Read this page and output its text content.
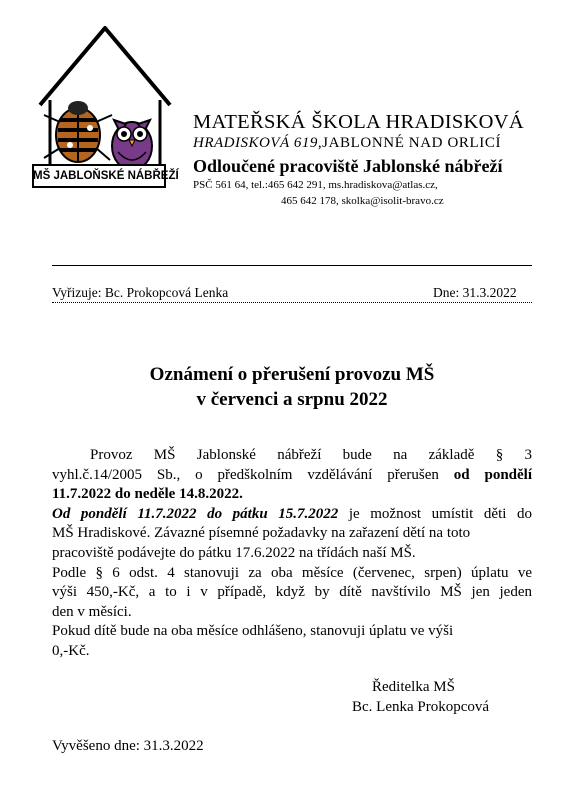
MŠ JABLOŇSKÉ NÁBŘEŽÍ
MATEŘSKÁ ŠKOLA HRADISKOVÁ
HRADISKOVÁ 619,JABLONNÉ NAD ORLICÍ
Odloučené pracoviště Jablonské nábřeží
PSČ 561 64, tel.:465 642 291, ms.hradiskova@atlas.cz,
465 642 178, skolka@isolit-bravo.cz
Vyřizuje: Bc. Prokopcová Lenka	Dne: 31.3.2022
Oznámení o přerušení provozu MŠ
v červenci a srpnu 2022

Provoz MŠ Jablonské nábřeží bude na základě § 3

vyhl.č.14/2005 Sb., o předškolním vzdělávání přerušen od pondělí

11.7.2022 do neděle 14.8.2022.

Od pondělí 11.7.2022 do pátku 15.7.2022 je možnost umístit děti do

MŠ Hradiskové. Závazné písemné požadavky na zařazení dětí na toto

pracoviště podávejte do pátku 17.6.2022 na třídách naší MŠ.

Podle § 6 odst. 4 stanovuji za oba měsíce (červenec, srpen) úplatu ve

výši 450,-Kč, a to i v případě, když by dítě navštívilo MŠ jen jeden

den v měsíci.

Pokud dítě bude na oba měsíce odhlášeno, stanovuji úplatu ve výši

0,-Kč.

Ředitelka MŠ
Bc. Lenka Prokopcová
Vyvěšeno dne: 31.3.2022
